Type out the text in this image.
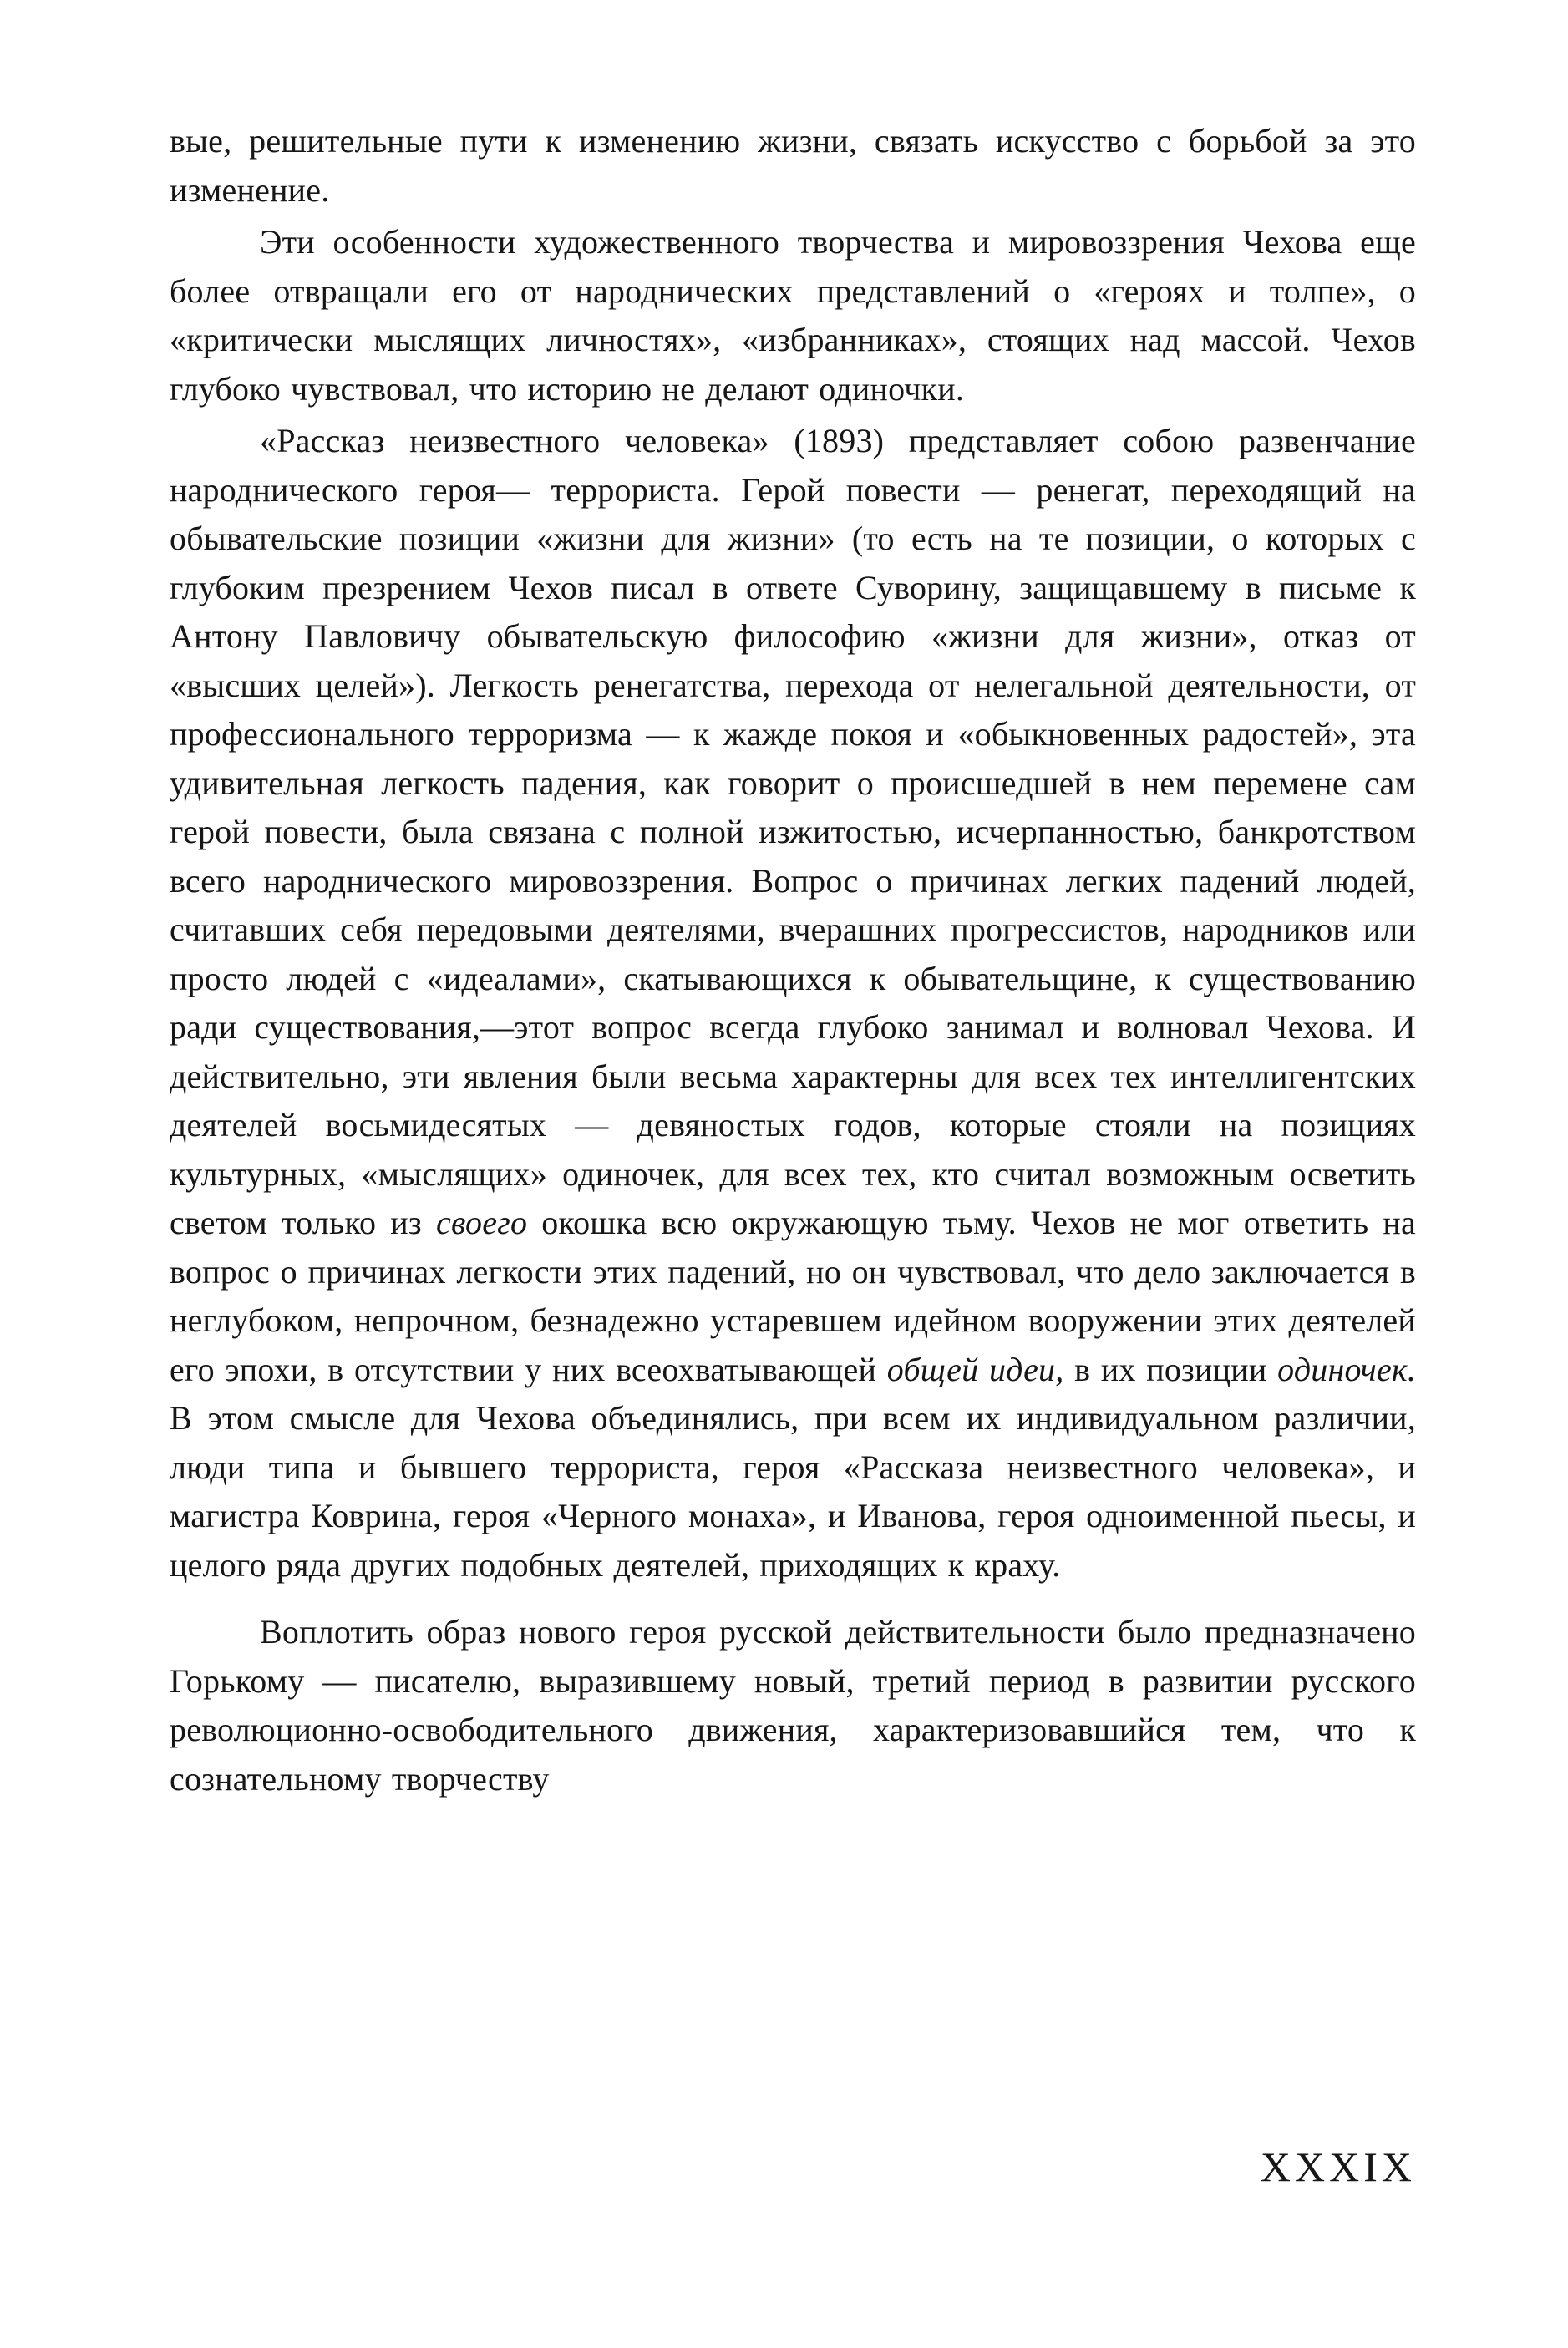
вые, решительные пути к изменению жизни, связать искусство с борьбой за это изменение.

Эти особенности художественного творчества и мировоззрения Чехова еще более отвращали его от народнических представлений о «героях и толпе», о «критически мыслящих личностях», «избранниках», стоящих над массой. Чехов глубоко чувствовал, что историю не делают одиночки.

«Рассказ неизвестного человека» (1893) представляет собою развенчание народнического героя— террориста. Герой повести — ренегат, переходящий на обывательские позиции «жизни для жизни» (то есть на те позиции, о которых с глубоким презрением Чехов писал в ответе Суворину, защищавшему в письме к Антону Павловичу обывательскую философию «жизни для жизни», отказ от «высших целей»). Легкость ренегатства, перехода от нелегальной деятельности, от профессионального терроризма — к жажде покоя и «обыкновенных радостей», эта удивительная легкость падения, как говорит о происшедшей в нем перемене сам герой повести, была связана с полной изжитостью, исчерпанностью, банкротством всего народнического мировоззрения. Вопрос о причинах легких падений людей, считавших себя передовыми деятелями, вчерашних прогрессистов, народников или просто людей с «идеалами», скатывающихся к обывательщине, к существованию ради существования,—этот вопрос всегда глубоко занимал и волновал Чехова. И действительно, эти явления были весьма характерны для всех тех интеллигентских деятелей восьмидесятых — девяностых годов, которые стояли на позициях культурных, «мыслящих» одиночек, для всех тех, кто считал возможным осветить светом только из своего окошка всю окружающую тьму. Чехов не мог ответить на вопрос о причинах легкости этих падений, но он чувствовал, что дело заключается в неглубоком, непрочном, безнадежно устаревшем идейном вооружении этих деятелей его эпохи, в отсутствии у них всеохватывающей общей идеи, в их позиции одиночек. В этом смысле для Чехова объединялись, при всем их индивидуальном различии, люди типа и бывшего террориста, героя «Рассказа неизвестного человека», и магистра Коврина, героя «Черного монаха», и Иванова, героя одноименной пьесы, и целого ряда других подобных деятелей, приходящих к краху.

Воплотить образ нового героя русской действительности было предназначено Горькому — писателю, выразившему новый, третий период в развитии русского революционно-освободительного движения, характеризовавшийся тем, что к сознательному творчеству

XXXIX
